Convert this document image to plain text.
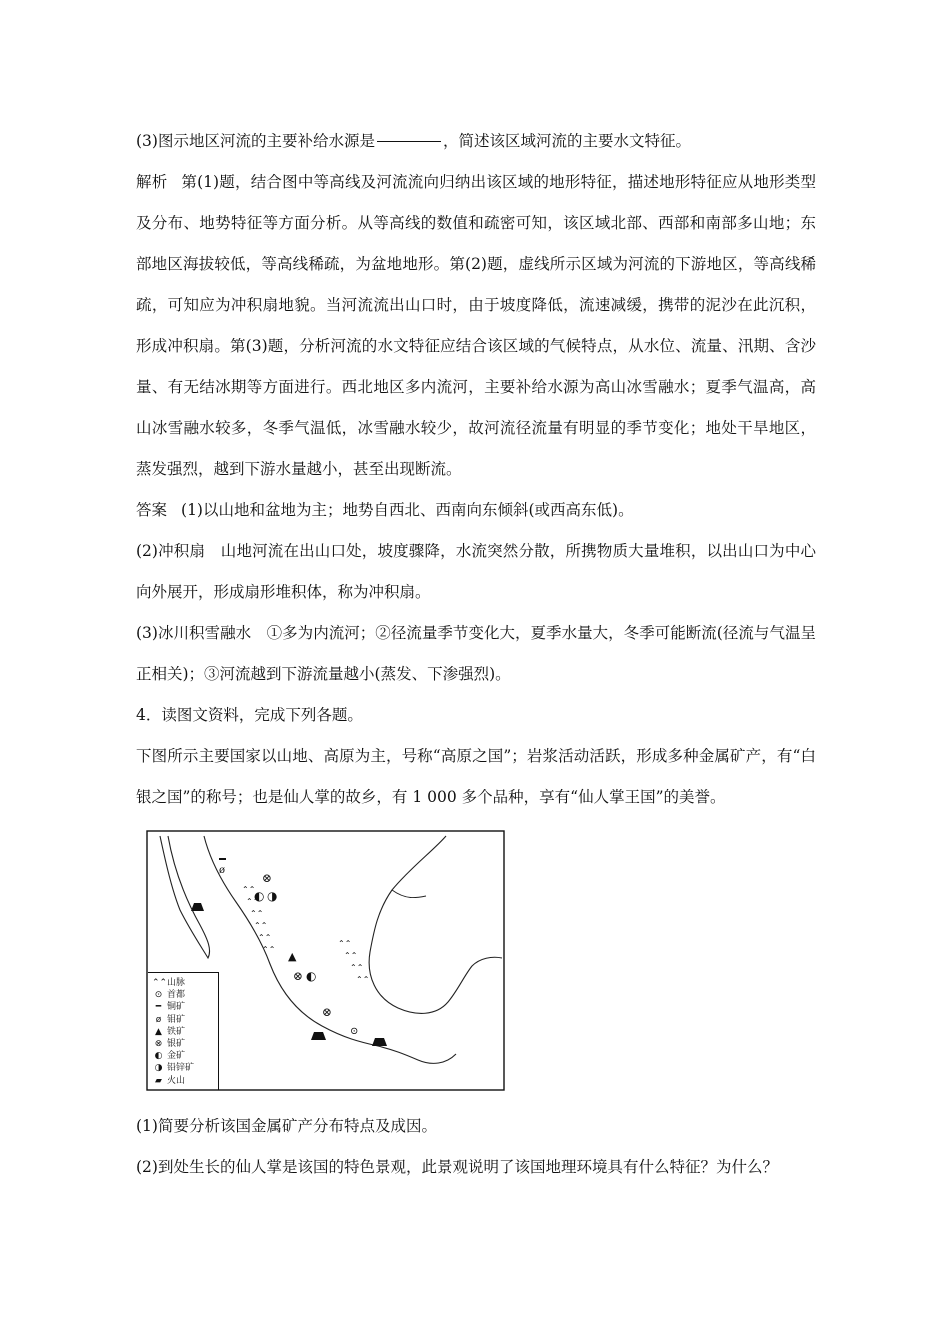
(3)图示地区河流的主要补给水源是	，简述该区域河流的主要水文特征。

解析 第(1)题，结合图中等高线及河流流向归纳出该区域的地形特征，描述地形特征应从地形类型及分布、地势特征等方面分析。从等高线的数值和疏密可知，该区域北部、西部和南部多山地；东部地区海拔较低，等高线稀疏，为盆地地形。第(2)题，虚线所示区域为河流的下游地区，等高线稀疏，可知应为冲积扇地貌。当河流流出山口时，由于坡度降低，流速减缓，携带的泥沙在此沉积，形成冲积扇。第(3)题，分析河流的水文特征应结合该区域的气候特点，从水位、流量、汛期、含沙量、有无结冰期等方面进行。西北地区多内流河，主要补给水源为高山冰雪融水；夏季气温高，高山冰雪融水较多，冬季气温低，冰雪融水较少，故河流径流量有明显的季节变化；地处干旱地区，蒸发强烈，越到下游水量越小，甚至出现断流。

答案 (1)以山地和盆地为主；地势自西北、西南向东倾斜(或西高东低)。

(2)冲积扇　山地河流在出山口处，坡度骤降，水流突然分散，所携物质大量堆积，以出山口为中心向外展开，形成扇形堆积体，称为冲积扇。

(3)冰川积雪融水　①多为内流河；②径流量季节变化大，夏季水量大，冬季可能断流(径流与气温呈正相关)；③河流越到下游流量越小(蒸发、下渗强烈)。

4．读图文资料，完成下列各题。

下图所示主要国家以山地、高原为主，号称“高原之国”；岩浆活动活跃，形成多种金属矿产，有“白银之国”的称号；也是仙人掌的故乡，有 1 000 多个品种，享有“仙人掌王国”的美誉。

⌃⌃
⌃⌃
⌃⌃
⌃⌃
⌃⌃
⌃⌃
⌃⌃
⌃⌃
⌃⌃
⌃⌃
ø
⊗
◐ ◑
▲
⊗ ◐
⊗
⊙
⌃⌃ 山脉
⊙ 首都
━ 铜矿
ø 钼矿
▲ 铁矿
⊗ 银矿
◐ 金矿
◑ 铅锌矿
▰ 火山

(1)简要分析该国金属矿产分布特点及成因。

(2)到处生长的仙人掌是该国的特色景观，此景观说明了该国地理环境具有什么特征？为什么？
